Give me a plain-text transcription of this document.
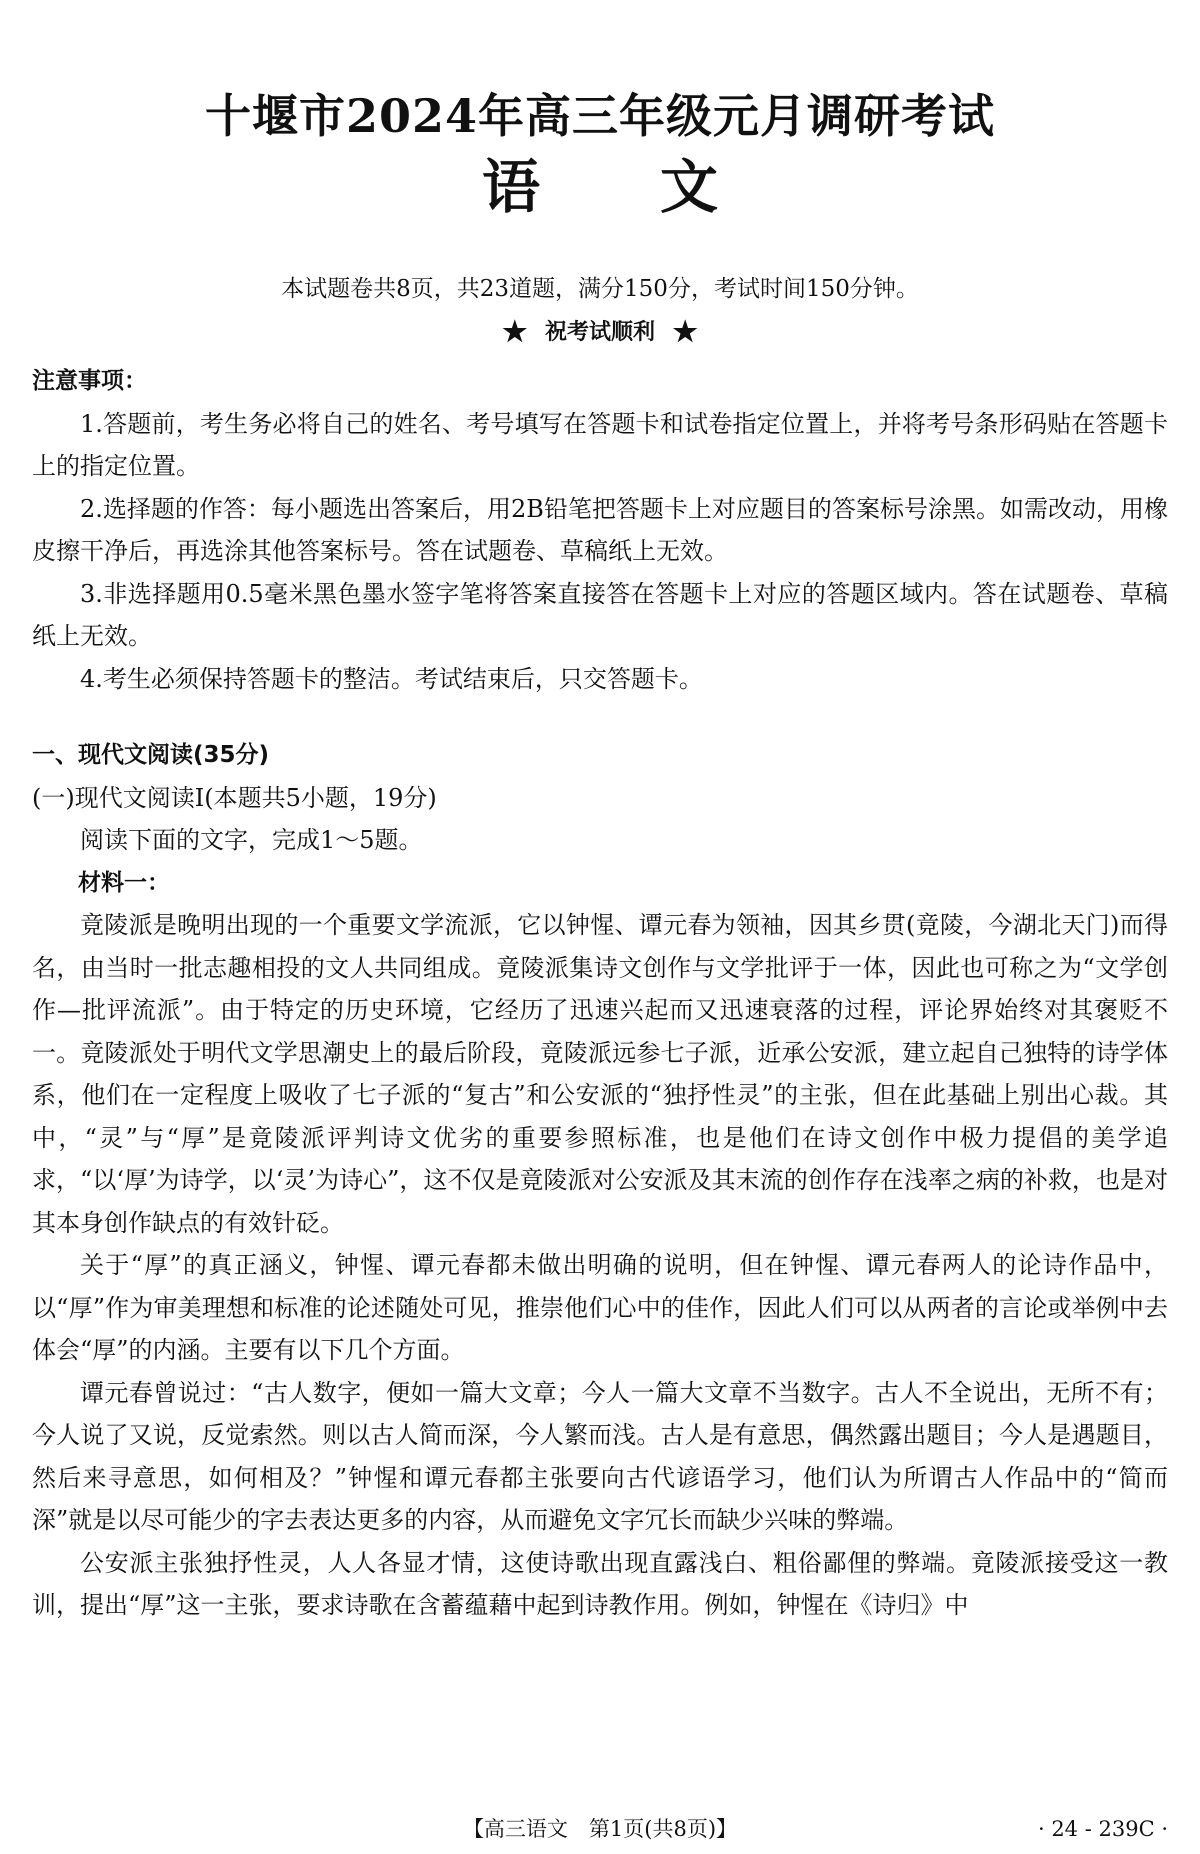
十堰市2024年高三年级元月调研考试
语 文
本试题卷共8页，共23道题，满分150分，考试时间150分钟。
★ 祝考试顺利 ★

注意事项：

1.答题前，考生务必将自己的姓名、考号填写在答题卡和试卷指定位置上，并将考号条形码贴在答题卡上的指定位置。

2.选择题的作答：每小题选出答案后，用2B铅笔把答题卡上对应题目的答案标号涂黑。如需改动，用橡皮擦干净后，再选涂其他答案标号。答在试题卷、草稿纸上无效。

3.非选择题用0.5毫米黑色墨水签字笔将答案直接答在答题卡上对应的答题区域内。答在试题卷、草稿纸上无效。

4.考生必须保持答题卡的整洁。考试结束后，只交答题卡。

一、现代文阅读(35分)

(一)现代文阅读Ⅰ(本题共5小题，19分)

阅读下面的文字，完成1～5题。

材料一：

竟陵派是晚明出现的一个重要文学流派，它以钟惺、谭元春为领袖，因其乡贯(竟陵，今湖北天门)而得名，由当时一批志趣相投的文人共同组成。竟陵派集诗文创作与文学批评于一体，因此也可称之为“文学创作—批评流派”。由于特定的历史环境，它经历了迅速兴起而又迅速衰落的过程，评论界始终对其褒贬不一。竟陵派处于明代文学思潮史上的最后阶段，竟陵派远参七子派，近承公安派，建立起自己独特的诗学体系，他们在一定程度上吸收了七子派的“复古”和公安派的“独抒性灵”的主张，但在此基础上别出心裁。其中，“灵”与“厚”是竟陵派评判诗文优劣的重要参照标准，也是他们在诗文创作中极力提倡的美学追求，“以‘厚’为诗学，以‘灵’为诗心”，这不仅是竟陵派对公安派及其末流的创作存在浅率之病的补救，也是对其本身创作缺点的有效针砭。

关于“厚”的真正涵义，钟惺、谭元春都未做出明确的说明，但在钟惺、谭元春两人的论诗作品中，以“厚”作为审美理想和标准的论述随处可见，推崇他们心中的佳作，因此人们可以从两者的言论或举例中去体会“厚”的内涵。主要有以下几个方面。

谭元春曾说过：“古人数字，便如一篇大文章；今人一篇大文章不当数字。古人不全说出，无所不有；今人说了又说，反觉索然。则以古人简而深，今人繁而浅。古人是有意思，偶然露出题目；今人是遇题目，然后来寻意思，如何相及？”钟惺和谭元春都主张要向古代谚语学习，他们认为所谓古人作品中的“简而深”就是以尽可能少的字去表达更多的内容，从而避免文字冗长而缺少兴味的弊端。

公安派主张独抒性灵，人人各显才情，这使诗歌出现直露浅白、粗俗鄙俚的弊端。竟陵派接受这一教训，提出“厚”这一主张，要求诗歌在含蓄蕴藉中起到诗教作用。例如，钟惺在《诗归》中

【高三语文　第1页(共8页)】	· 24 - 239C ·
